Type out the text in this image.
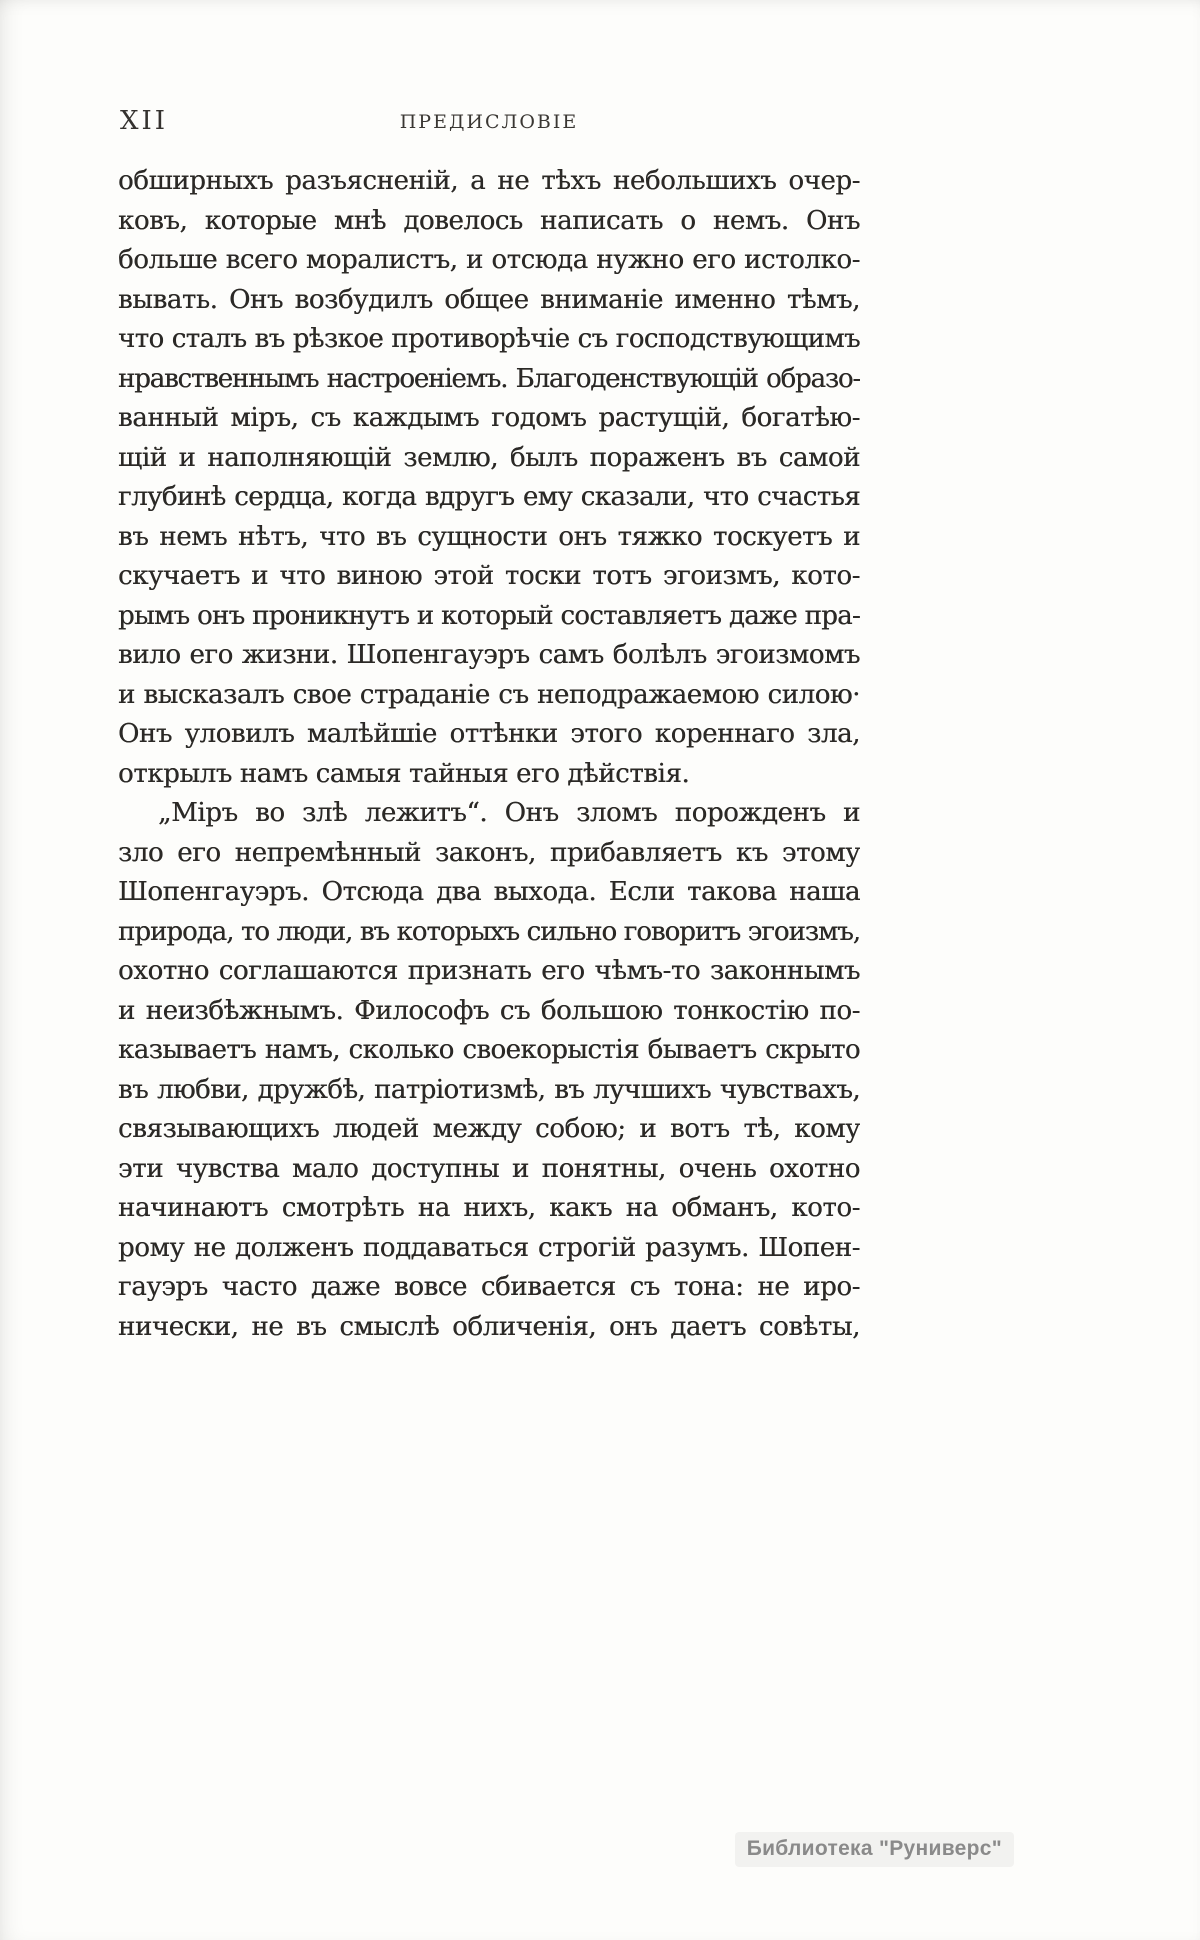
XII	ПРЕДИСЛОВІЕ
обширныхъ разъясненій, а не тѣхъ небольшихъ очер-
ковъ, которые мнѣ довелось написать о немъ. Онъ
больше всего моралистъ, и отсюда нужно его истолко-
вывать. Онъ возбудилъ общее вниманіе именно тѣмъ,
что сталъ въ рѣзкое противорѣчіе съ господствующимъ
нравственнымъ настроеніемъ. Благоденствующій образо-
ванный міръ, съ каждымъ годомъ растущій, богатѣю-
щій и наполняющій землю, былъ пораженъ въ самой
глубинѣ сердца, когда вдругъ ему сказали, что счастья
въ немъ нѣтъ, что въ сущности онъ тяжко тоскуетъ и
скучаетъ и что виною этой тоски тотъ эгоизмъ, кото-
рымъ онъ проникнутъ и который составляетъ даже пра-
вило его жизни. Шопенгауэръ самъ болѣлъ эгоизмомъ
и высказалъ свое страданіе съ неподражаемою силою·
Онъ уловилъ малѣйшіе оттѣнки этого кореннаго зла,
открылъ намъ самыя тайныя его дѣйствія.
„Міръ во злѣ лежитъ“. Онъ зломъ порожденъ и
зло его непремѣнный законъ, прибавляетъ къ этому
Шопенгауэръ. Отсюда два выхода. Если такова наша
природа, то люди, въ которыхъ сильно говоритъ эгоизмъ,
охотно соглашаются признать его чѣмъ-то законнымъ
и неизбѣжнымъ. Философъ съ большою тонкостію по-
казываетъ намъ, сколько своекорыстія бываетъ скрыто
въ любви, дружбѣ, патріотизмѣ, въ лучшихъ чувствахъ,
связывающихъ людей между собою; и вотъ тѣ, кому
эти чувства мало доступны и понятны, очень охотно
начинаютъ смотрѣть на нихъ, какъ на обманъ, кото-
рому не долженъ поддаваться строгій разумъ. Шопен-
гауэръ часто даже вовсе сбивается съ тона: не иро-
нически, не въ смыслѣ обличенія, онъ даетъ совѣты,
Библиотека "Руниверс"
